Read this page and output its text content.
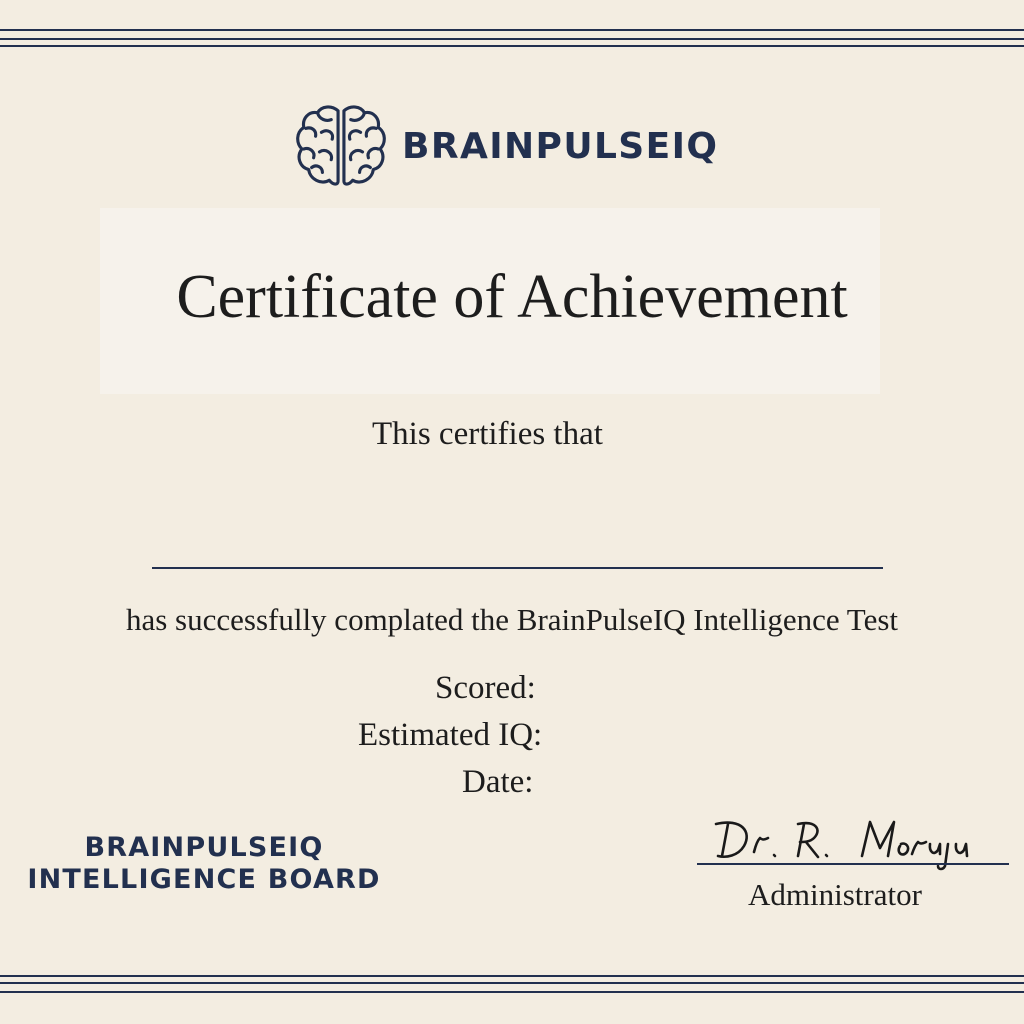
BRAINPULSEIQ
Certificate of Achievement
This certifies that
has successfully complated the BrainPulseIQ Intelligence Test
Scored:
Estimated IQ:
Date:
BRAINPULSEIQ
INTELLIGENCE BOARD	Administrator
